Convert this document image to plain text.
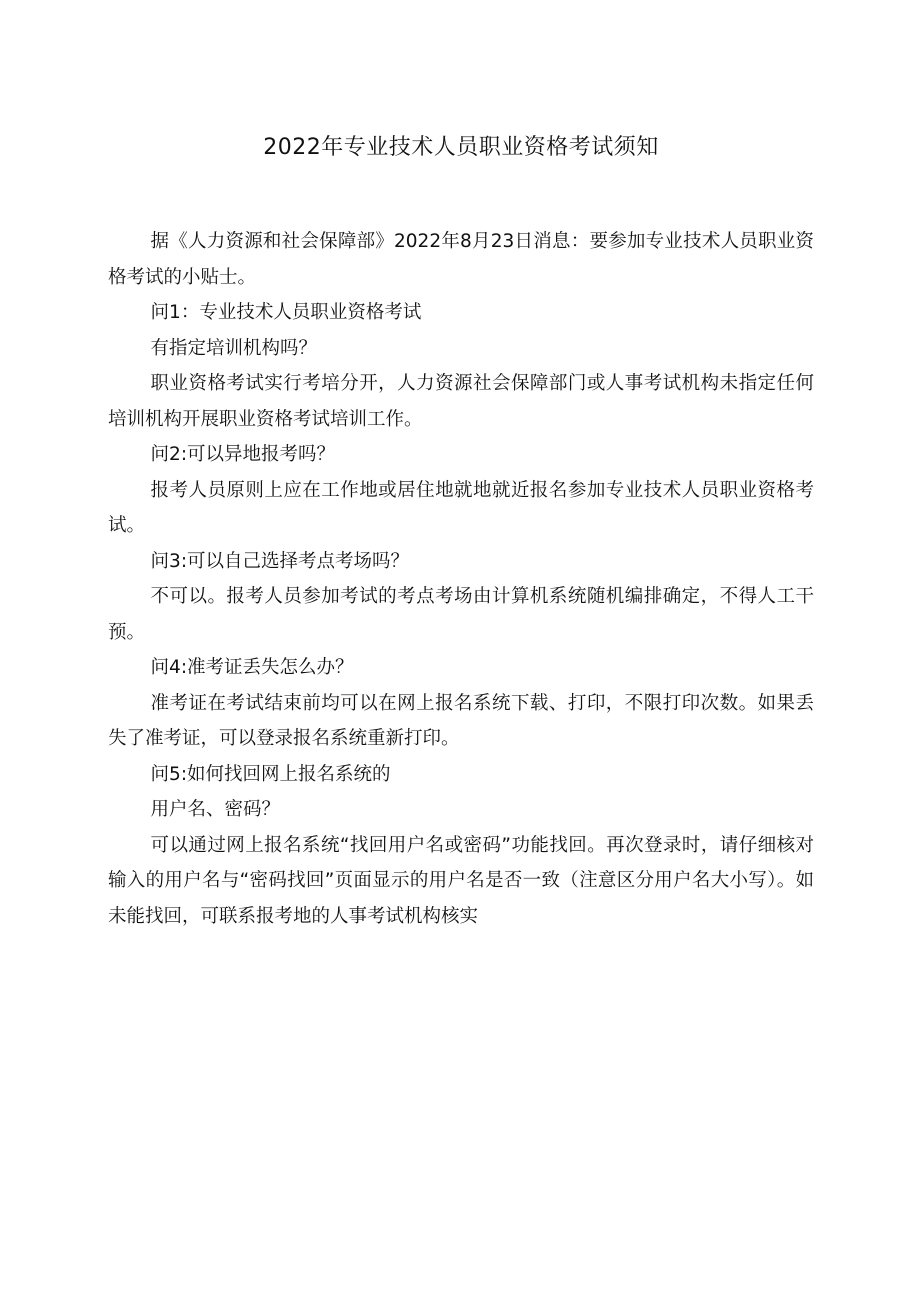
2022年专业技术人员职业资格考试须知

据《人力资源和社会保障部》2022年8月23日消息：要参加专业技术人员职业资格考试的小贴士。

问1：专业技术人员职业资格考试

有指定培训机构吗？

职业资格考试实行考培分开，人力资源社会保障部门或人事考试机构未指定任何培训机构开展职业资格考试培训工作。

问2:可以异地报考吗？

报考人员原则上应在工作地或居住地就地就近报名参加专业技术人员职业资格考试。

问3:可以自己选择考点考场吗？

不可以。报考人员参加考试的考点考场由计算机系统随机编排确定，不得人工干预。

问4:准考证丢失怎么办？

准考证在考试结束前均可以在网上报名系统下载、打印，不限打印次数。如果丢失了准考证，可以登录报名系统重新打印。

问5:如何找回网上报名系统的

用户名、密码？

可以通过网上报名系统“找回用户名或密码”功能找回。再次登录时，请仔细核对输入的用户名与“密码找回”页面显示的用户名是否一致（注意区分用户名大小写）。如未能找回，可联系报考地的人事考试机构核实
